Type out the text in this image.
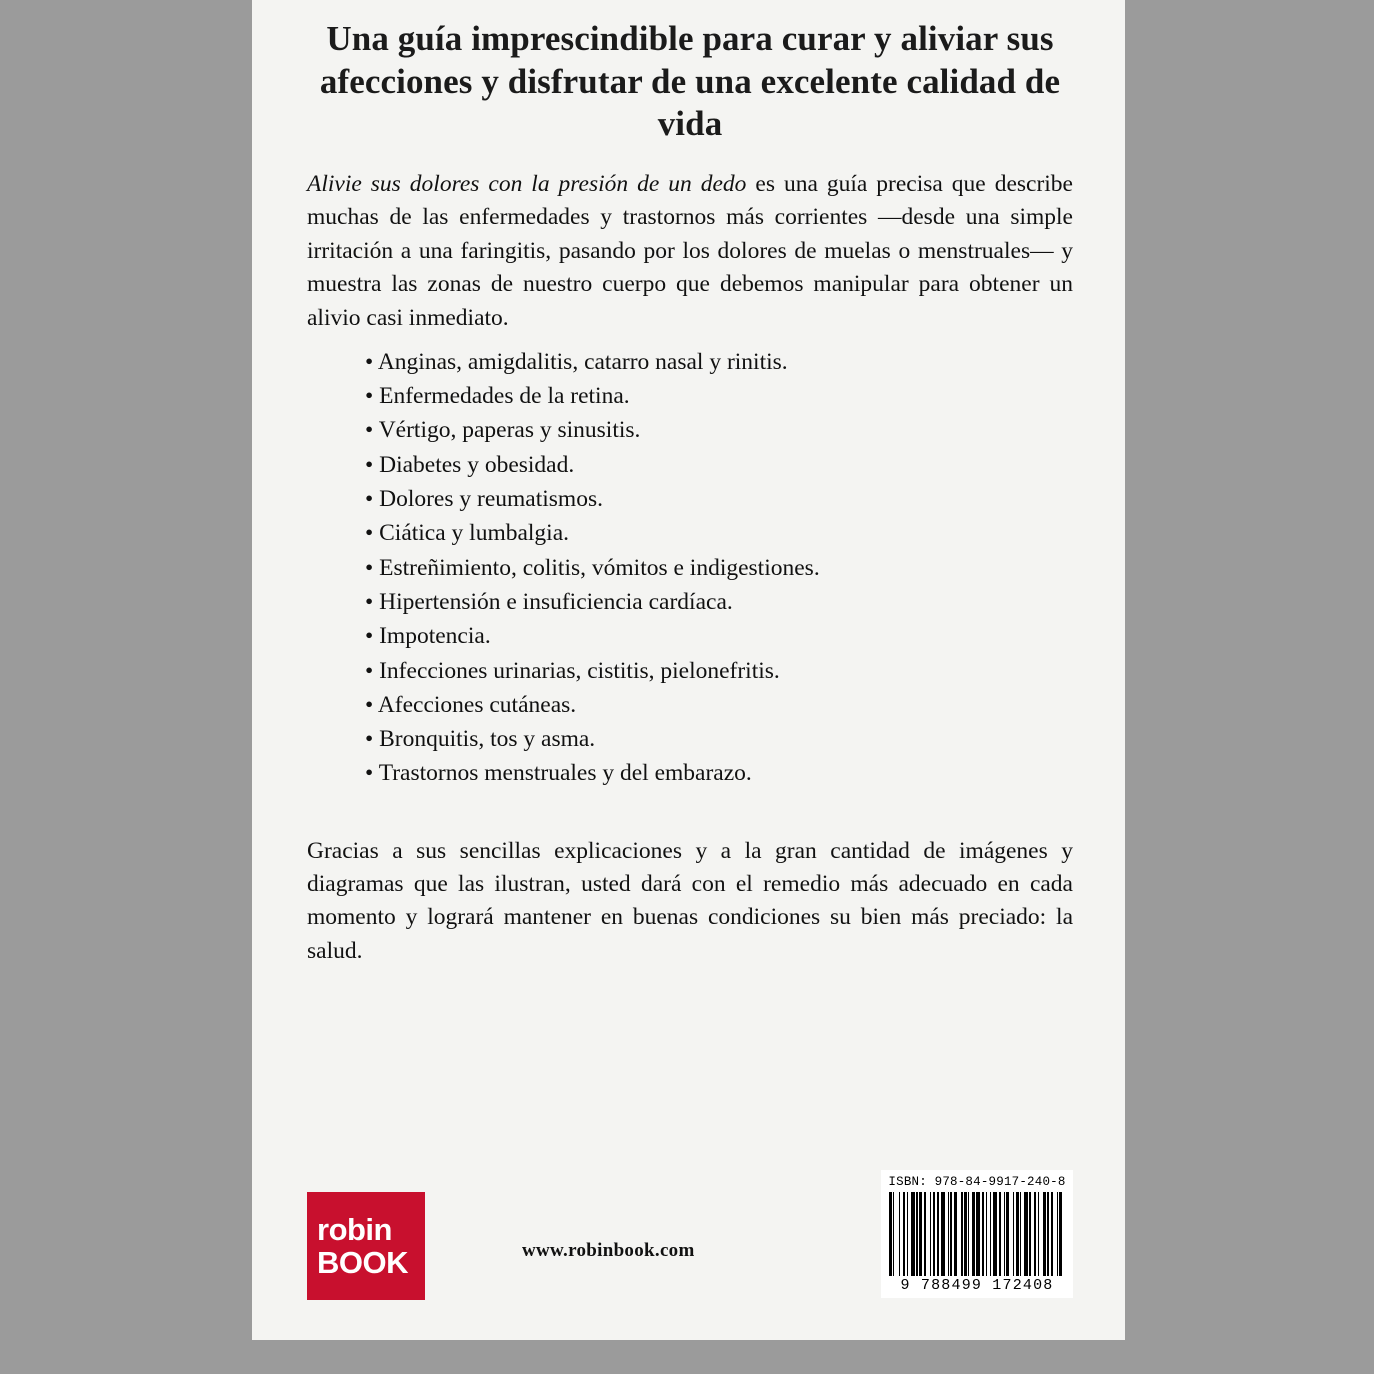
Una guía imprescindible para curar y aliviar sus afecciones y disfrutar de una excelente calidad de vida

Alivie sus dolores con la presión de un dedo es una guía precisa que describe muchas de las enfermedades y trastornos más corrientes —desde una simple irritación a una faringitis, pasando por los dolores de muelas o menstruales— y muestra las zonas de nuestro cuerpo que debemos manipular para obtener un alivio casi inmediato.

• Anginas, amigdalitis, catarro nasal y rinitis.
• Enfermedades de la retina.
• Vértigo, paperas y sinusitis.
• Diabetes y obesidad.
• Dolores y reumatismos.
• Ciática y lumbalgia.
• Estreñimiento, colitis, vómitos e indigestiones.
• Hipertensión e insuficiencia cardíaca.
• Impotencia.
• Infecciones urinarias, cistitis, pielonefritis.
• Afecciones cutáneas.
• Bronquitis, tos y asma.
• Trastornos menstruales y del embarazo.

Gracias a sus sencillas explicaciones y a la gran cantidad de imágenes y diagramas que las ilustran, usted dará con el remedio más adecuado en cada momento y logrará mantener en buenas condiciones su bien más preciado: la salud.

robin
BOOK	www.robinbook.com
ISBN: 978-84-9917-240-8
9 788499 172408
